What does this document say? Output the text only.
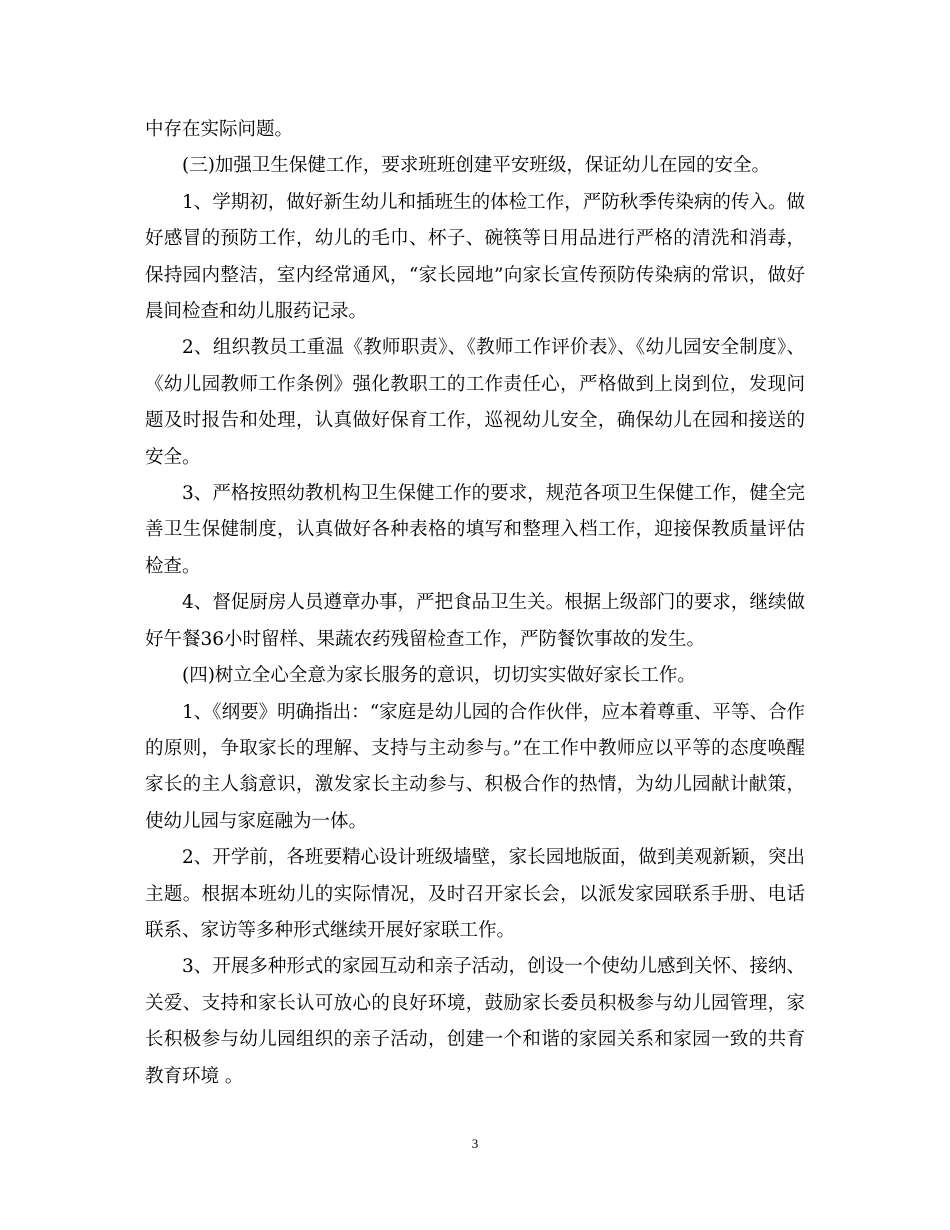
中存在实际问题。

(三)加强卫生保健工作，要求班班创建平安班级，保证幼儿在园的安全。

1、学期初，做好新生幼儿和插班生的体检工作，严防秋季传染病的传入。做好感冒的预防工作，幼儿的毛巾、杯子、碗筷等日用品进行严格的清洗和消毒，保持园内整洁，室内经常通风，“家长园地”向家长宣传预防传染病的常识，做好晨间检查和幼儿服药记录。

2、组织教员工重温《教师职责》、《教师工作评价表》、《幼儿园安全制度》、《幼儿园教师工作条例》强化教职工的工作责任心，严格做到上岗到位，发现问题及时报告和处理，认真做好保育工作，巡视幼儿安全，确保幼儿在园和接送的安全。

3、严格按照幼教机构卫生保健工作的要求，规范各项卫生保健工作，健全完善卫生保健制度，认真做好各种表格的填写和整理入档工作，迎接保教质量评估检查。

4、督促厨房人员遵章办事，严把食品卫生关。根据上级部门的要求，继续做好午餐36小时留样、果蔬农药残留检查工作，严防餐饮事故的发生。

(四)树立全心全意为家长服务的意识，切切实实做好家长工作。

1、《纲要》明确指出：“家庭是幼儿园的合作伙伴，应本着尊重、平等、合作的原则，争取家长的理解、支持与主动参与。”在工作中教师应以平等的态度唤醒家长的主人翁意识，激发家长主动参与、积极合作的热情，为幼儿园献计献策，使幼儿园与家庭融为一体。

2、开学前，各班要精心设计班级墙壁，家长园地版面，做到美观新颖，突出主题。根据本班幼儿的实际情况，及时召开家长会，以派发家园联系手册、电话联系、家访等多种形式继续开展好家联工作。

3、开展多种形式的家园互动和亲子活动，创设一个使幼儿感到关怀、接纳、关爱、支持和家长认可放心的良好环境，鼓励家长委员积极参与幼儿园管理，家长积极参与幼儿园组织的亲子活动，创建一个和谐的家园关系和家园一致的共育教育环境 。

3
